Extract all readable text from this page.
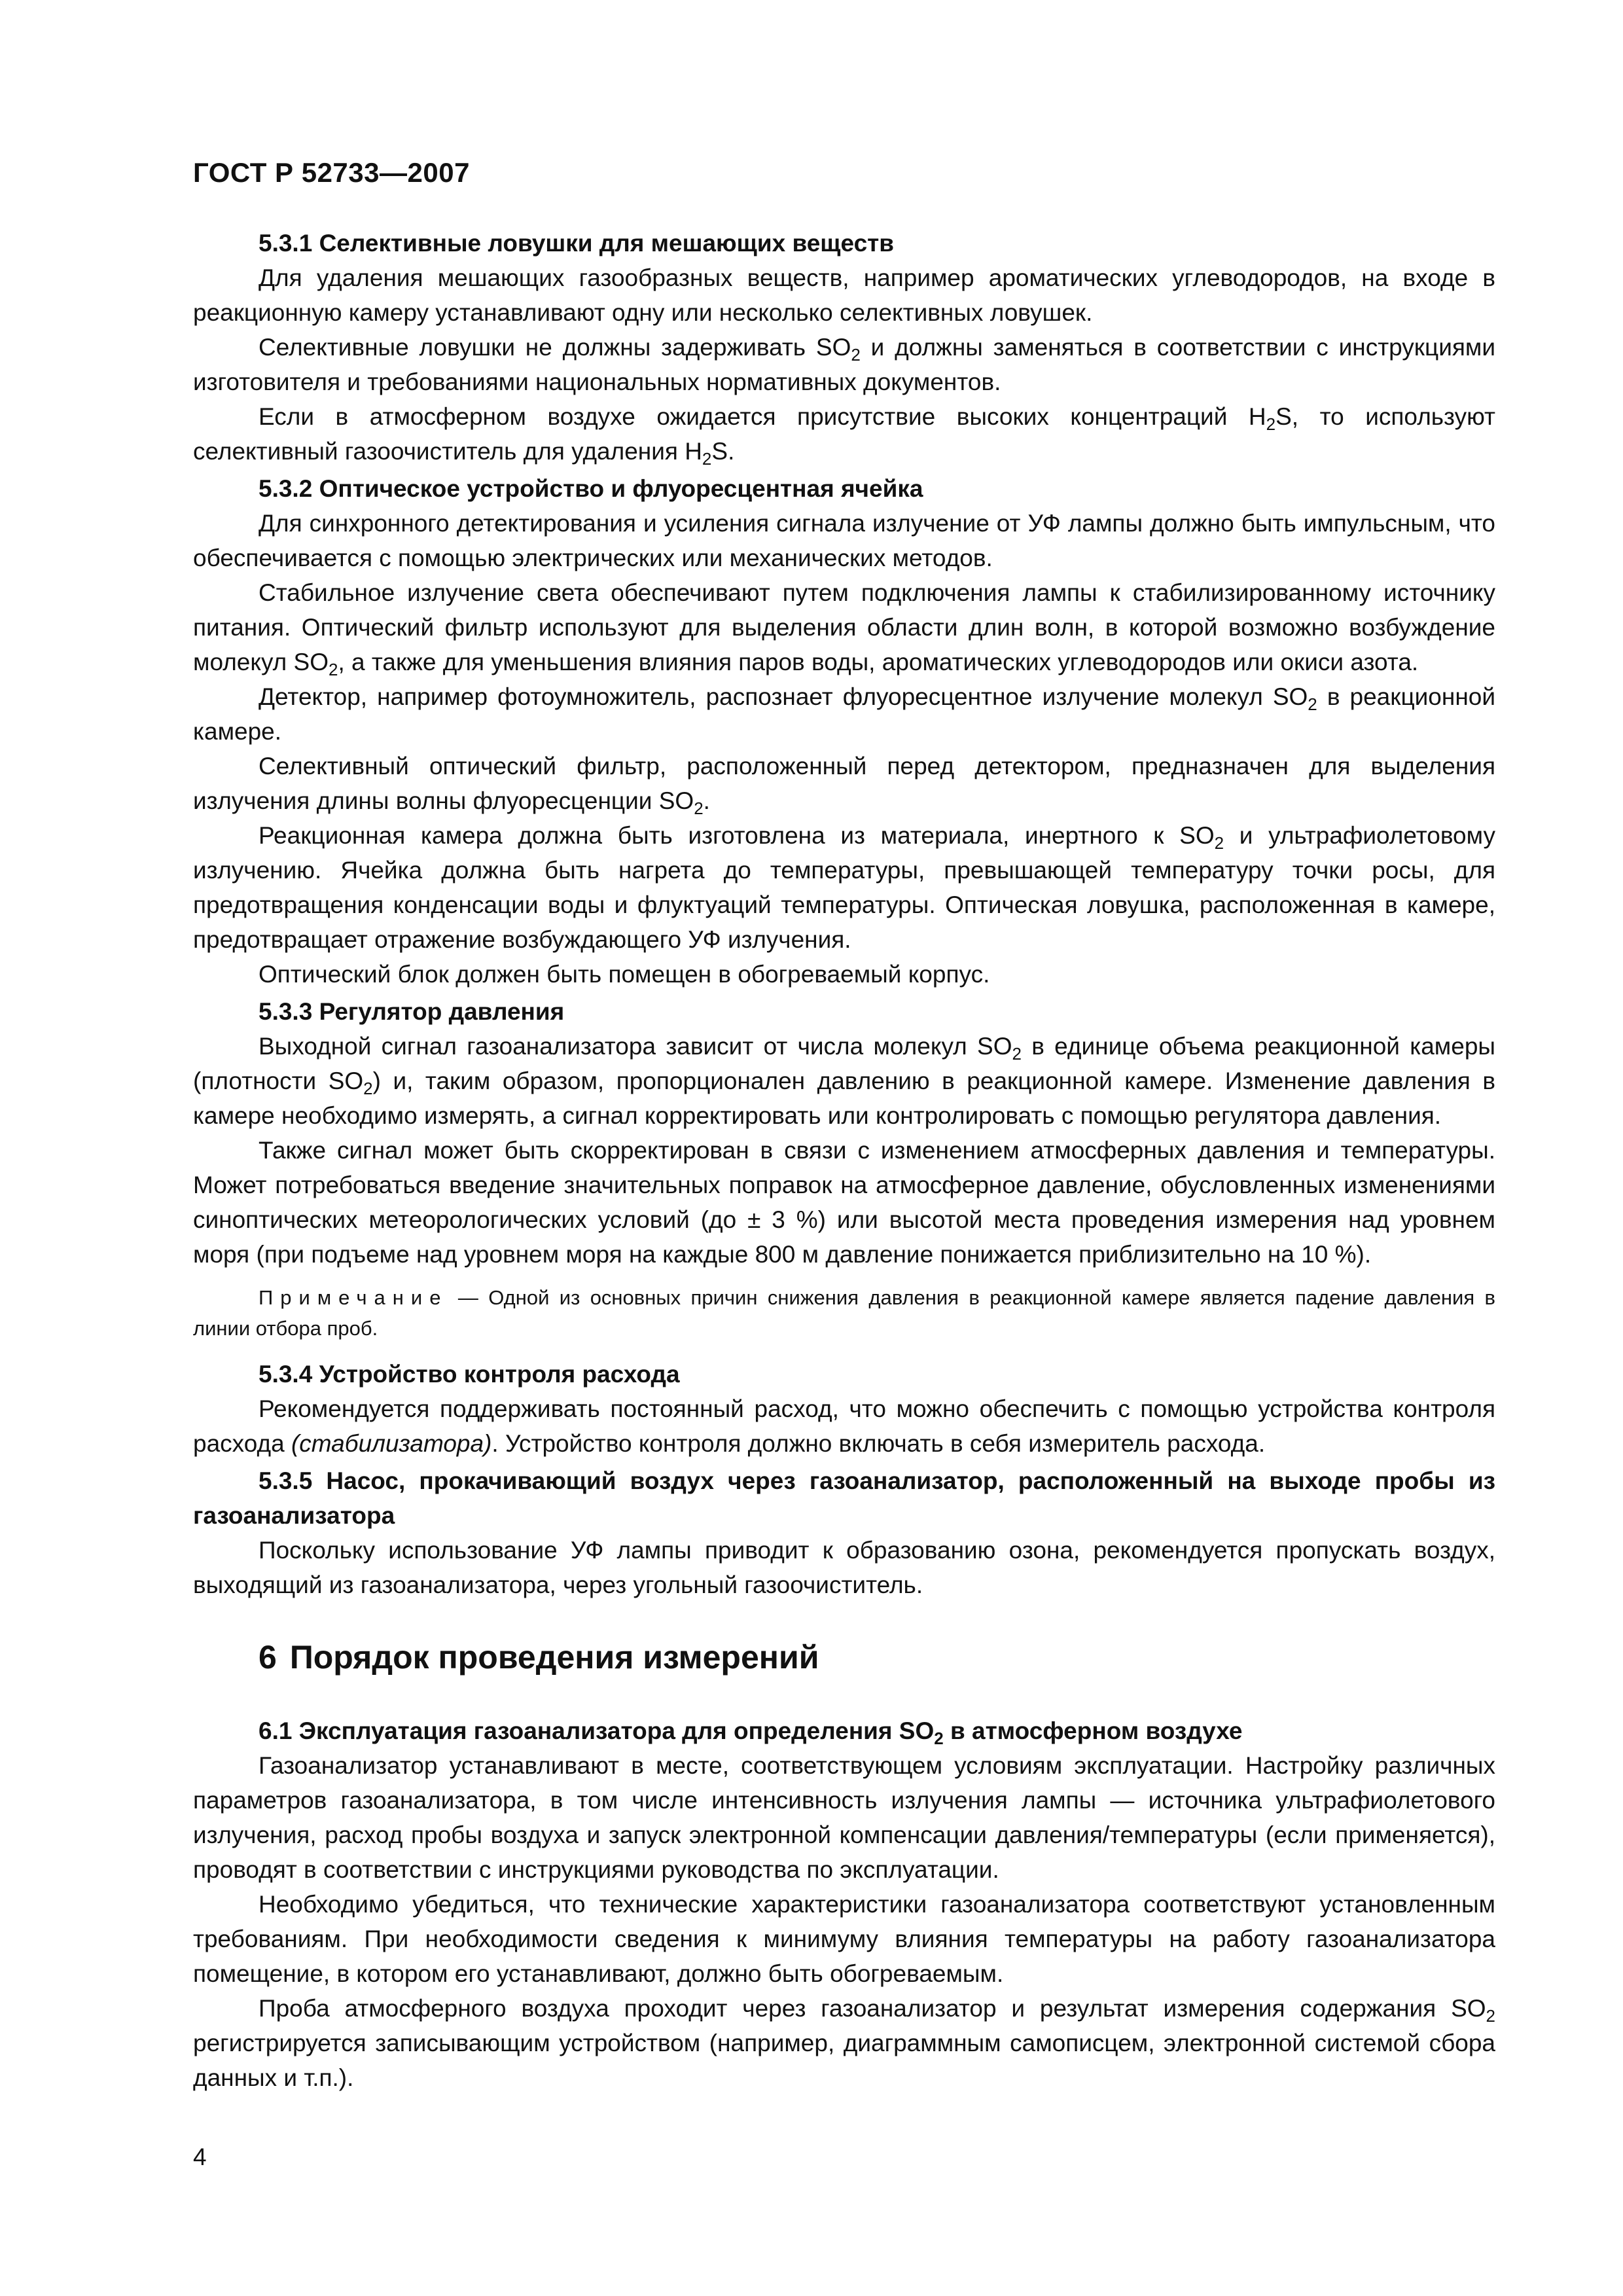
ГОСТ Р 52733—2007
5.3.1 Селективные ловушки для мешающих веществ

Для удаления мешающих газообразных веществ, например ароматических углеводородов, на входе в реакционную камеру устанавливают одну или несколько селективных ловушек.

Селективные ловушки не должны задерживать $SO_2$ и должны заменяться в соответствии с инструкциями изготовителя и требованиями национальных нормативных документов.

Если в атмосферном воздухе ожидается присутствие высоких концентраций $H_2S$, то используют селективный газоочиститель для удаления $H_2S$.

5.3.2 Оптическое устройство и флуоресцентная ячейка

Для синхронного детектирования и усиления сигнала излучение от УФ лампы должно быть импульсным, что обеспечивается с помощью электрических или механических методов.

Стабильное излучение света обеспечивают путем подключения лампы к стабилизированному источнику питания. Оптический фильтр используют для выделения области длин волн, в которой возможно возбуждение молекул $SO_2$, а также для уменьшения влияния паров воды, ароматических углеводородов или окиси азота.

Детектор, например фотоумножитель, распознает флуоресцентное излучение молекул $SO_2$ в реакционной камере.

Селективный оптический фильтр, расположенный перед детектором, предназначен для выделения излучения длины волны флуоресценции $SO_2$.

Реакционная камера должна быть изготовлена из материала, инертного к $SO_2$ и ультрафиолетовому излучению. Ячейка должна быть нагрета до температуры, превышающей температуру точки росы, для предотвращения конденсации воды и флуктуаций температуры. Оптическая ловушка, расположенная в камере, предотвращает отражение возбуждающего УФ излучения.

Оптический блок должен быть помещен в обогреваемый корпус.

5.3.3 Регулятор давления

Выходной сигнал газоанализатора зависит от числа молекул $SO_2$ в единице объема реакционной камеры (плотности $SO_2$) и, таким образом, пропорционален давлению в реакционной камере. Изменение давления в камере необходимо измерять, а сигнал корректировать или контролировать с помощью регулятора давления.

Также сигнал может быть скорректирован в связи с изменением атмосферных давления и температуры. Может потребоваться введение значительных поправок на атмосферное давление, обусловленных изменениями синоптических метеорологических условий (до ± 3 %) или высотой места проведения измерения над уровнем моря (при подъеме над уровнем моря на каждые 800 м давление понижается приблизительно на 10 %).

Примечание — Одной из основных причин снижения давления в реакционной камере является падение давления в линии отбора проб.

5.3.4 Устройство контроля расхода

Рекомендуется поддерживать постоянный расход, что можно обеспечить с помощью устройства контроля расхода (стабилизатора). Устройство контроля должно включать в себя измеритель расхода.

5.3.5 Насос, прокачивающий воздух через газоанализатор, расположенный на выходе пробы из газоанализатора

Поскольку использование УФ лампы приводит к образованию озона, рекомендуется пропускать воздух, выходящий из газоанализатора, через угольный газоочиститель.

6 Порядок проведения измерений
6.1 Эксплуатация газоанализатора для определения $SO_2$ в атмосферном воздухе

Газоанализатор устанавливают в месте, соответствующем условиям эксплуатации. Настройку различных параметров газоанализатора, в том числе интенсивность излучения лампы — источника ультрафиолетового излучения, расход пробы воздуха и запуск электронной компенсации давления/температуры (если применяется), проводят в соответствии с инструкциями руководства по эксплуатации.

Необходимо убедиться, что технические характеристики газоанализатора соответствуют установленным требованиям. При необходимости сведения к минимуму влияния температуры на работу газоанализатора помещение, в котором его устанавливают, должно быть обогреваемым.

Проба атмосферного воздуха проходит через газоанализатор и результат измерения содержания $SO_2$ регистрируется записывающим устройством (например, диаграммным самописцем, электронной системой сбора данных и т.п.).

4
